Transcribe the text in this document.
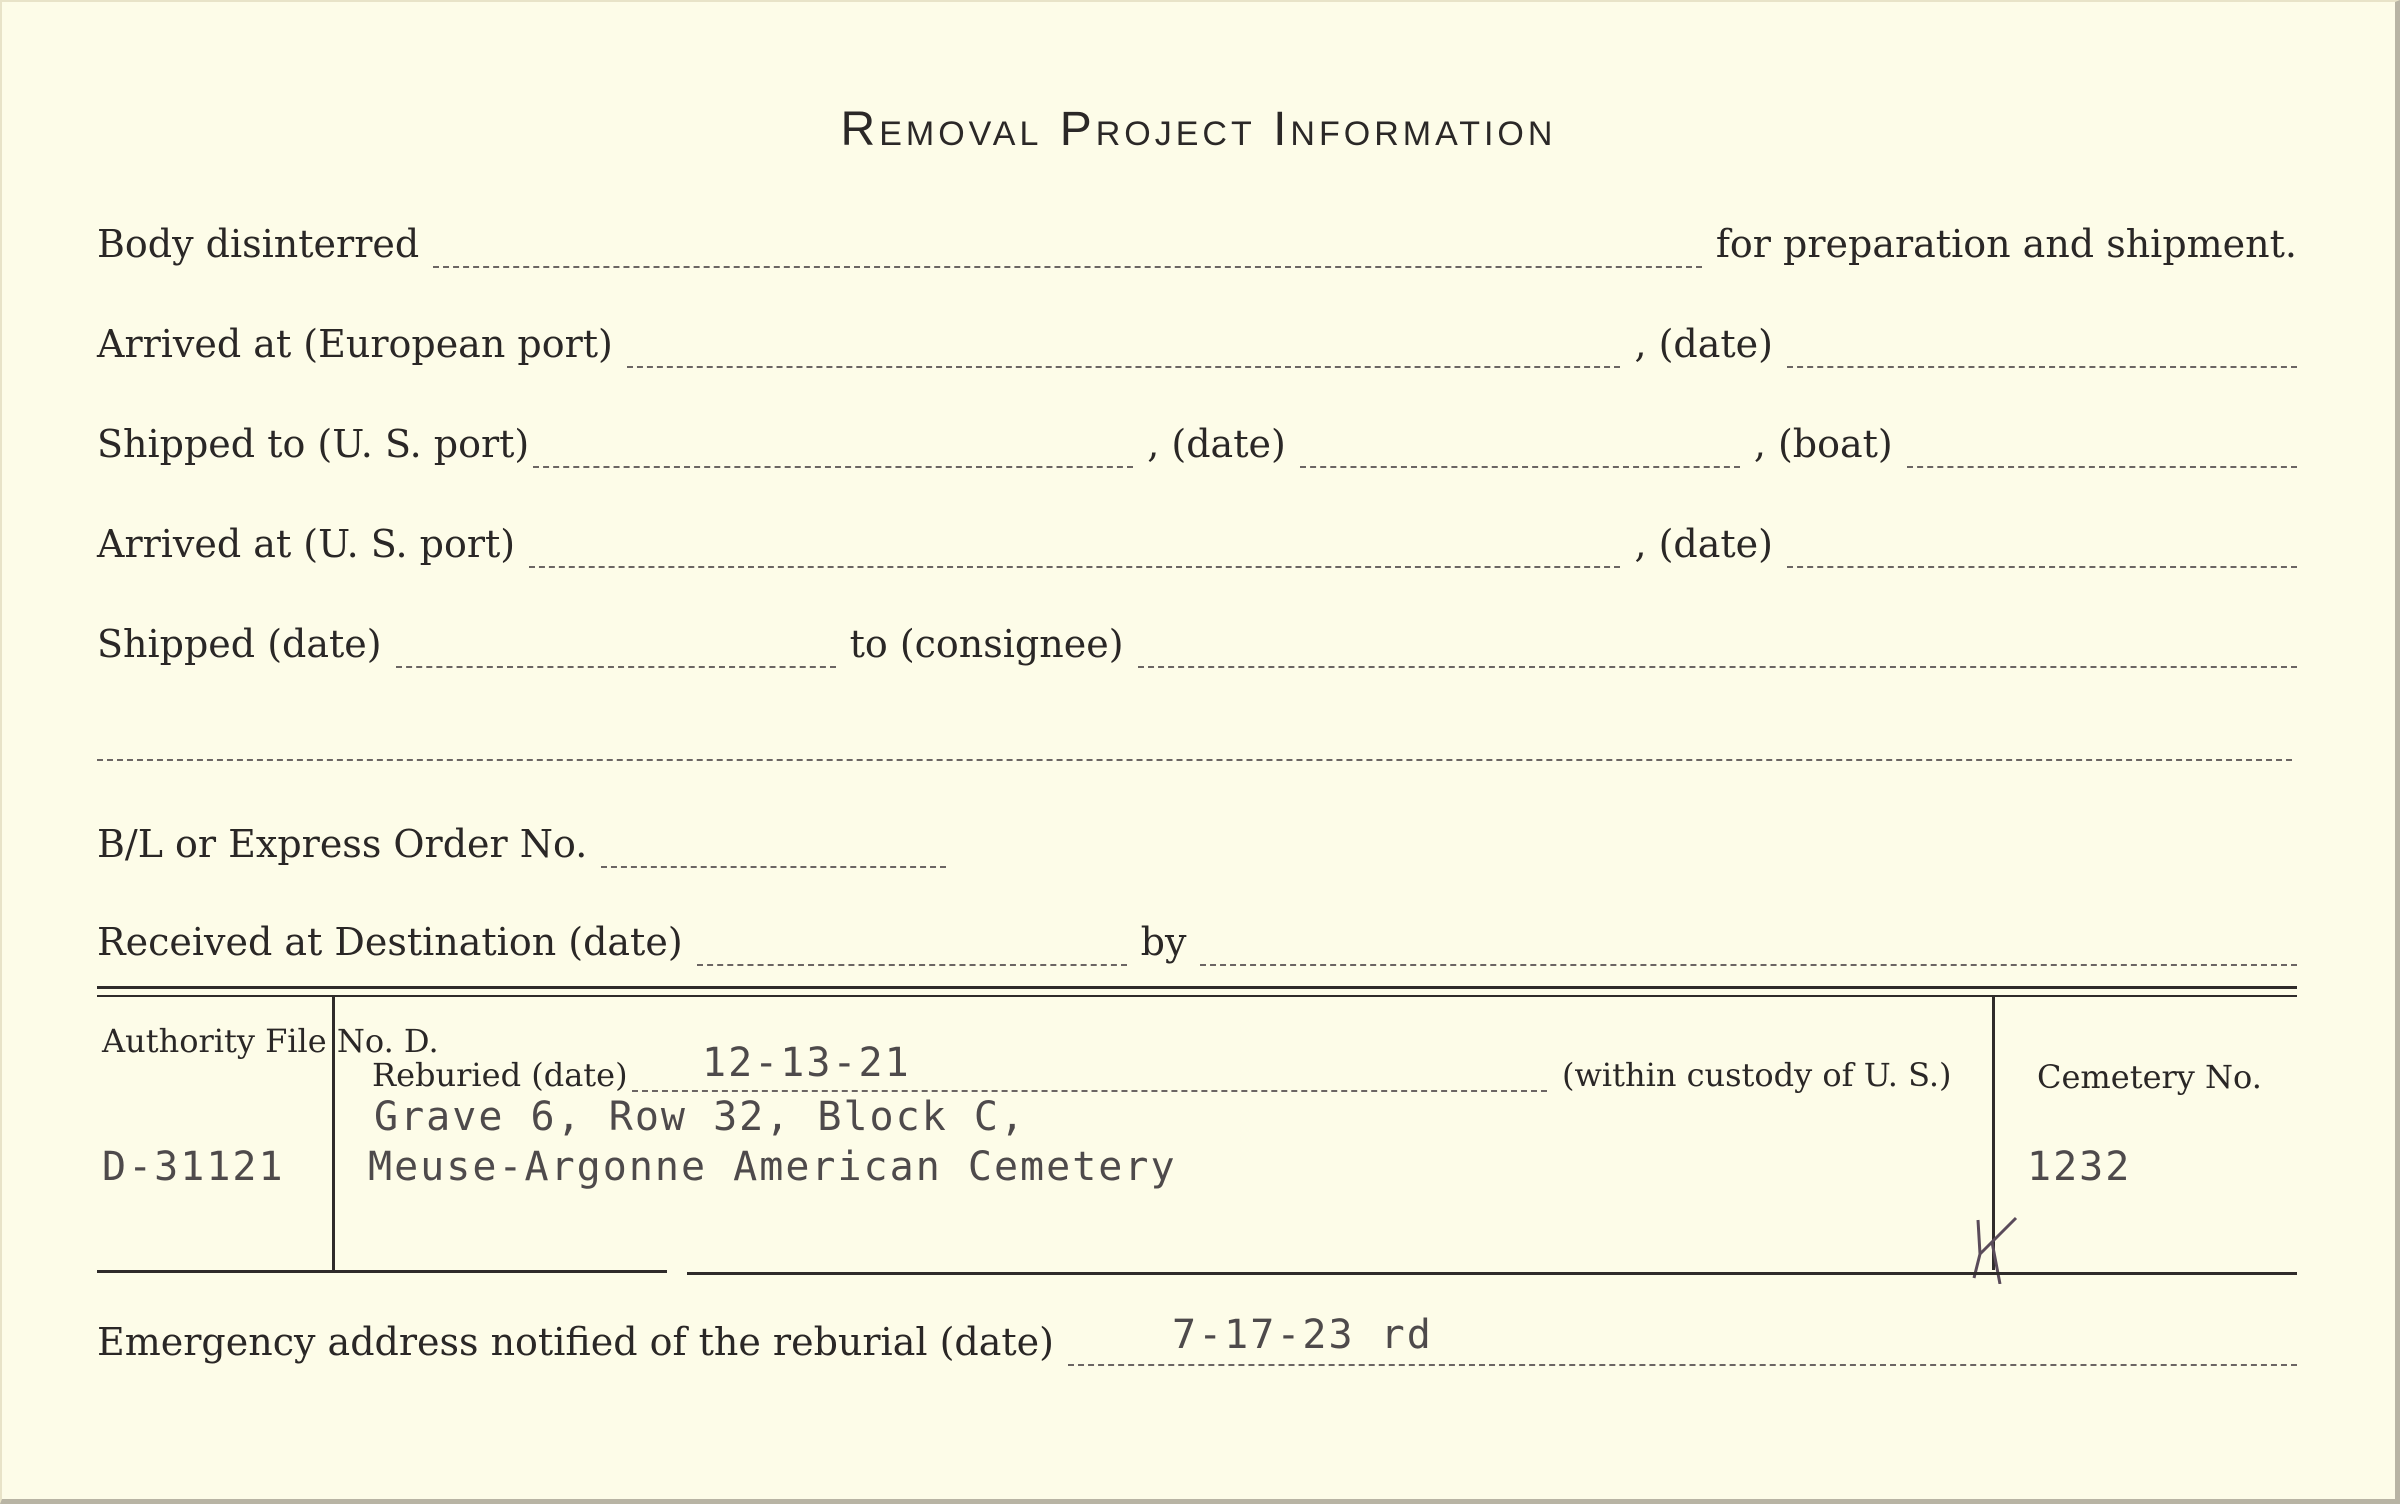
Removal Project Information
Body disinterred	for preparation and shipment.
Arrived at (European port)	, (date)
Shipped to (U. S. port)	, (date)	, (boat)
Arrived at (U. S. port)	, (date)
Shipped (date)	to (consignee)
B/L or Express Order No.
Received at Destination (date)	by
Authority File No. D.
D-31121
Reburied (date) 12-13-21	(within custody of U. S.)
Grave 6, Row 32, Block C,
Meuse-Argonne American Cemetery
Cemetery No.
1232
Emergency address notified of the reburial (date)	7-17-23 rd
